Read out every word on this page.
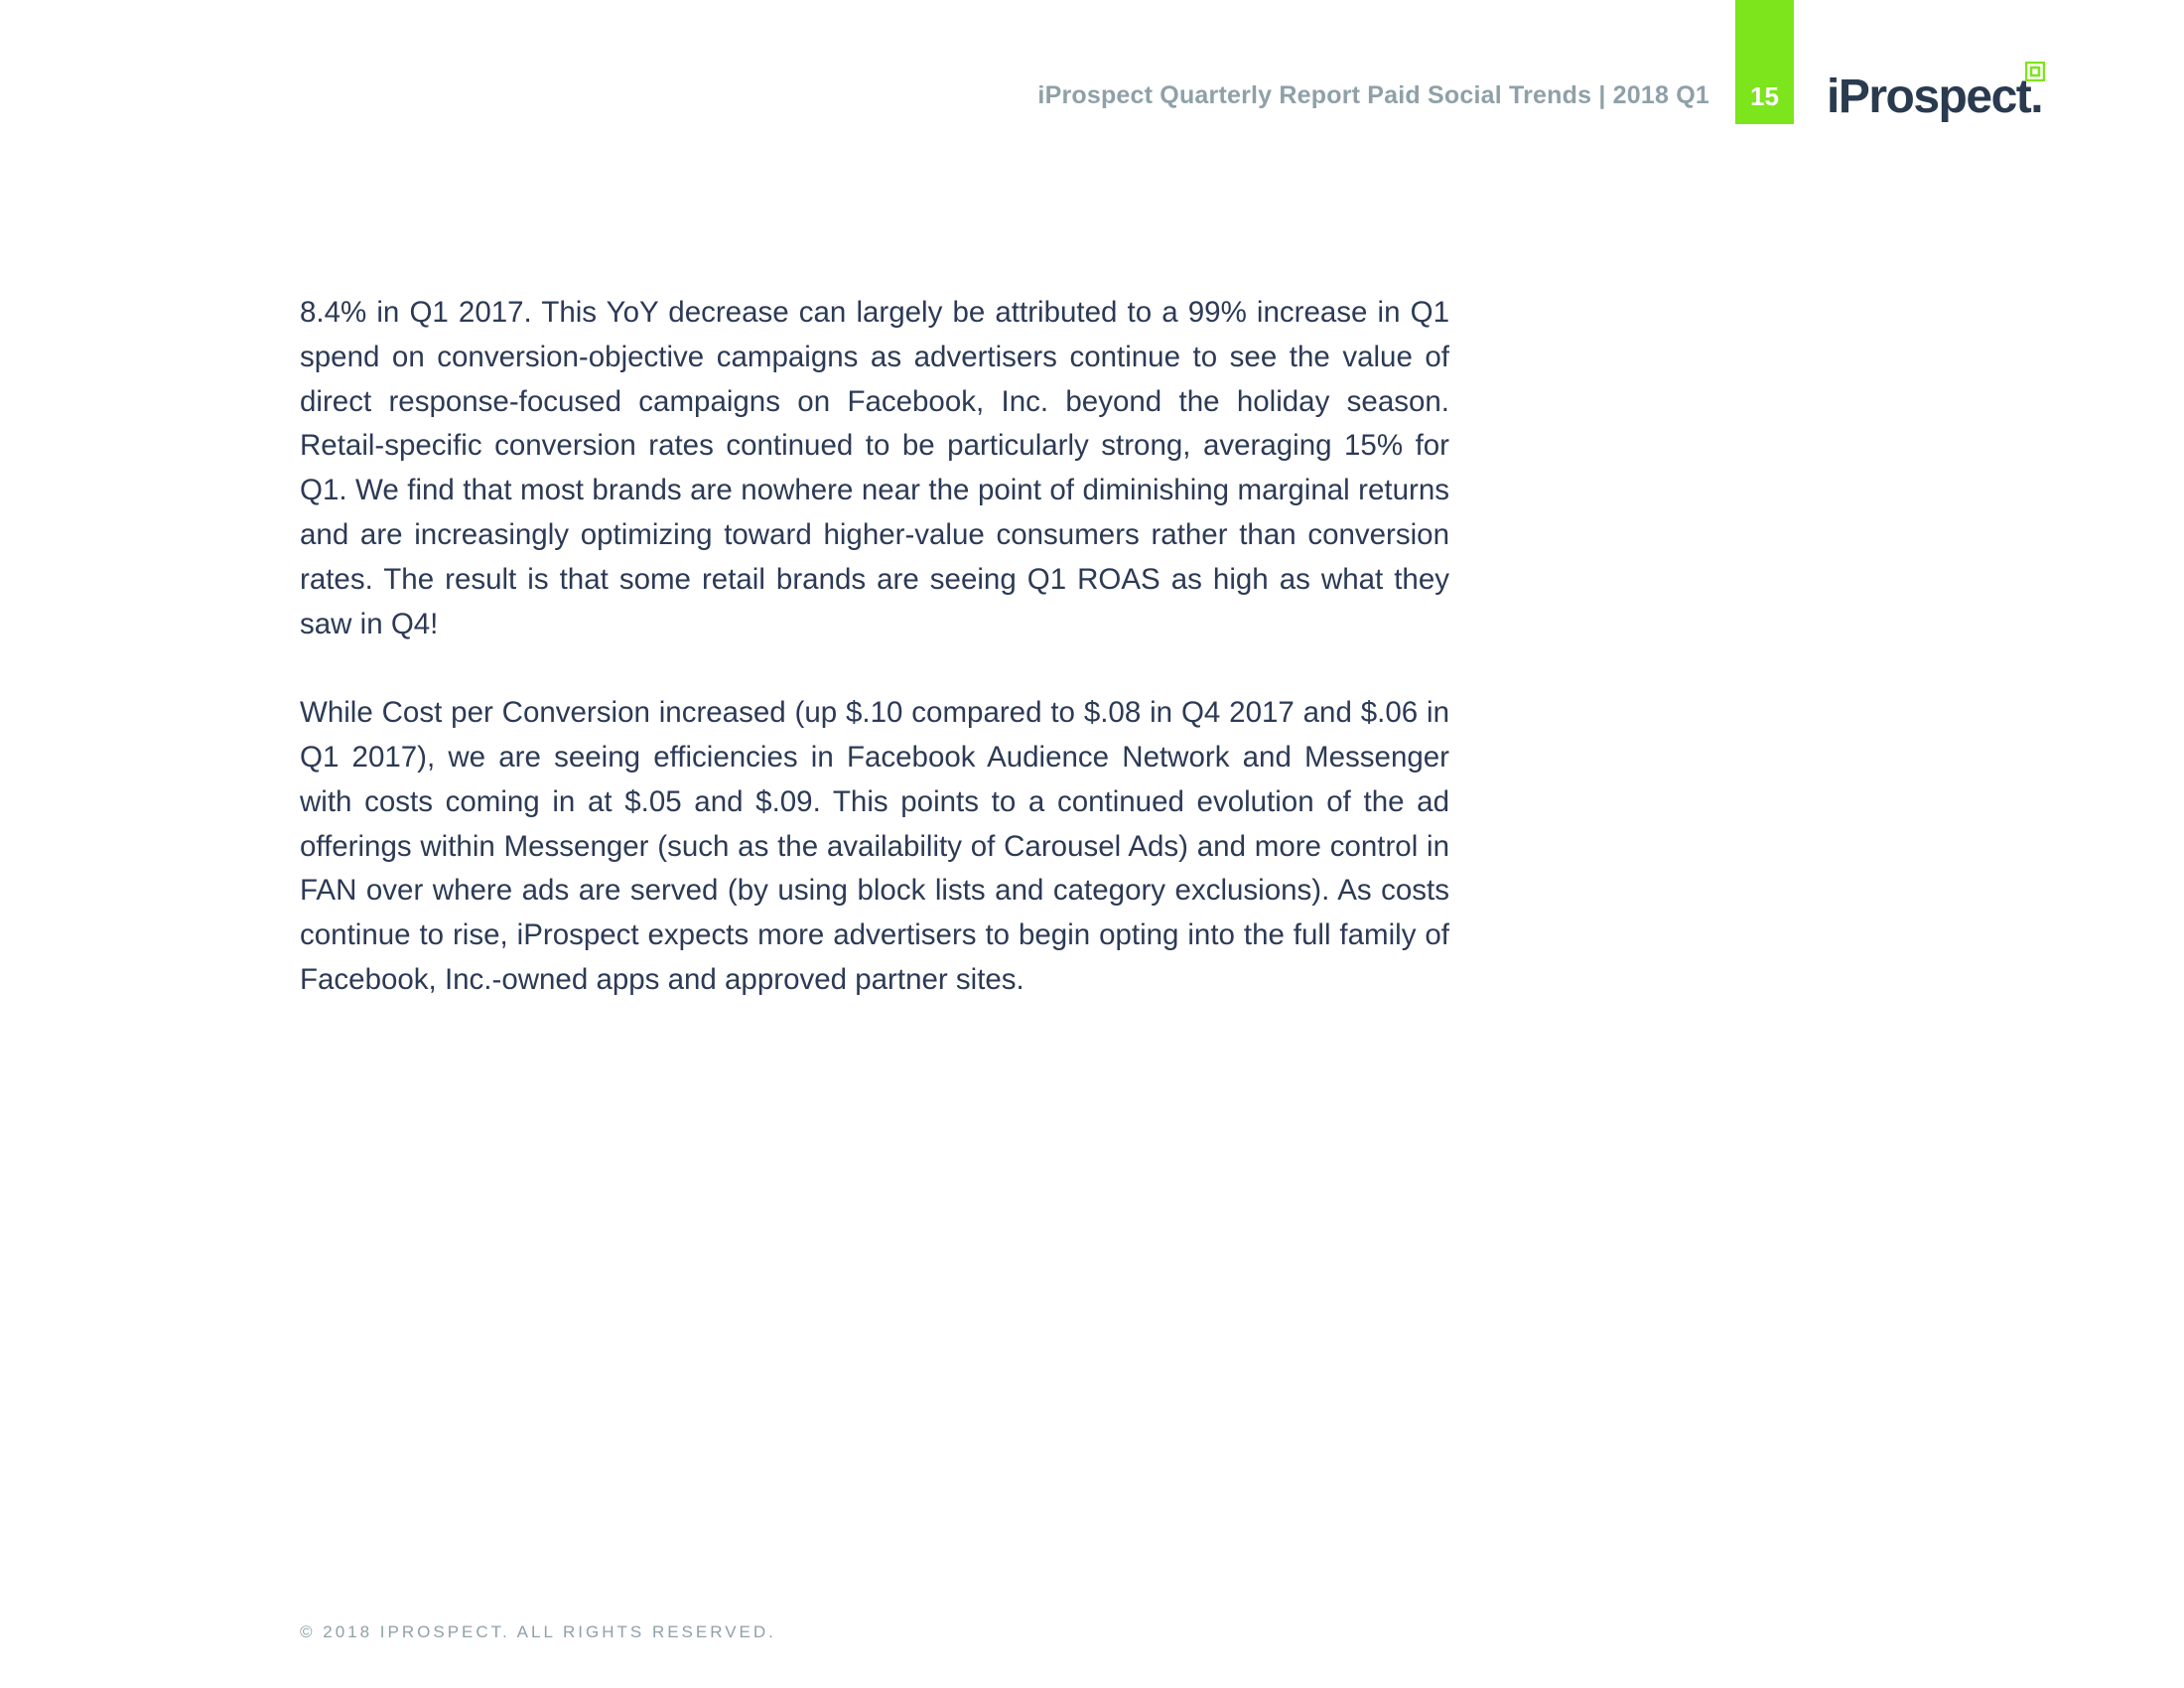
iProspect Quarterly Report Paid Social Trends | 2018 Q1	15	iProspect.

8.4% in Q1 2017. This YoY decrease can largely be attributed to a 99% increase in Q1 spend on conversion-objective campaigns as advertisers continue to see the value of direct response-focused campaigns on Facebook, Inc. beyond the holiday season. Retail-specific conversion rates continued to be particularly strong, averaging 15% for Q1. We find that most brands are nowhere near the point of diminishing marginal returns and are increasingly optimizing toward higher-value consumers rather than conversion rates. The result is that some retail brands are seeing Q1 ROAS as high as what they saw in Q4!

While Cost per Conversion increased (up $.10 compared to $.08 in Q4 2017 and $.06 in Q1 2017), we are seeing efficiencies in Facebook Audience Network and Messenger with costs coming in at $.05 and $.09. This points to a continued evolution of the ad offerings within Messenger (such as the availability of Carousel Ads) and more control in FAN over where ads are served (by using block lists and category exclusions). As costs continue to rise, iProspect expects more advertisers to begin opting into the full family of Facebook, Inc.-owned apps and approved partner sites.

© 2018 IPROSPECT. ALL RIGHTS RESERVED.
